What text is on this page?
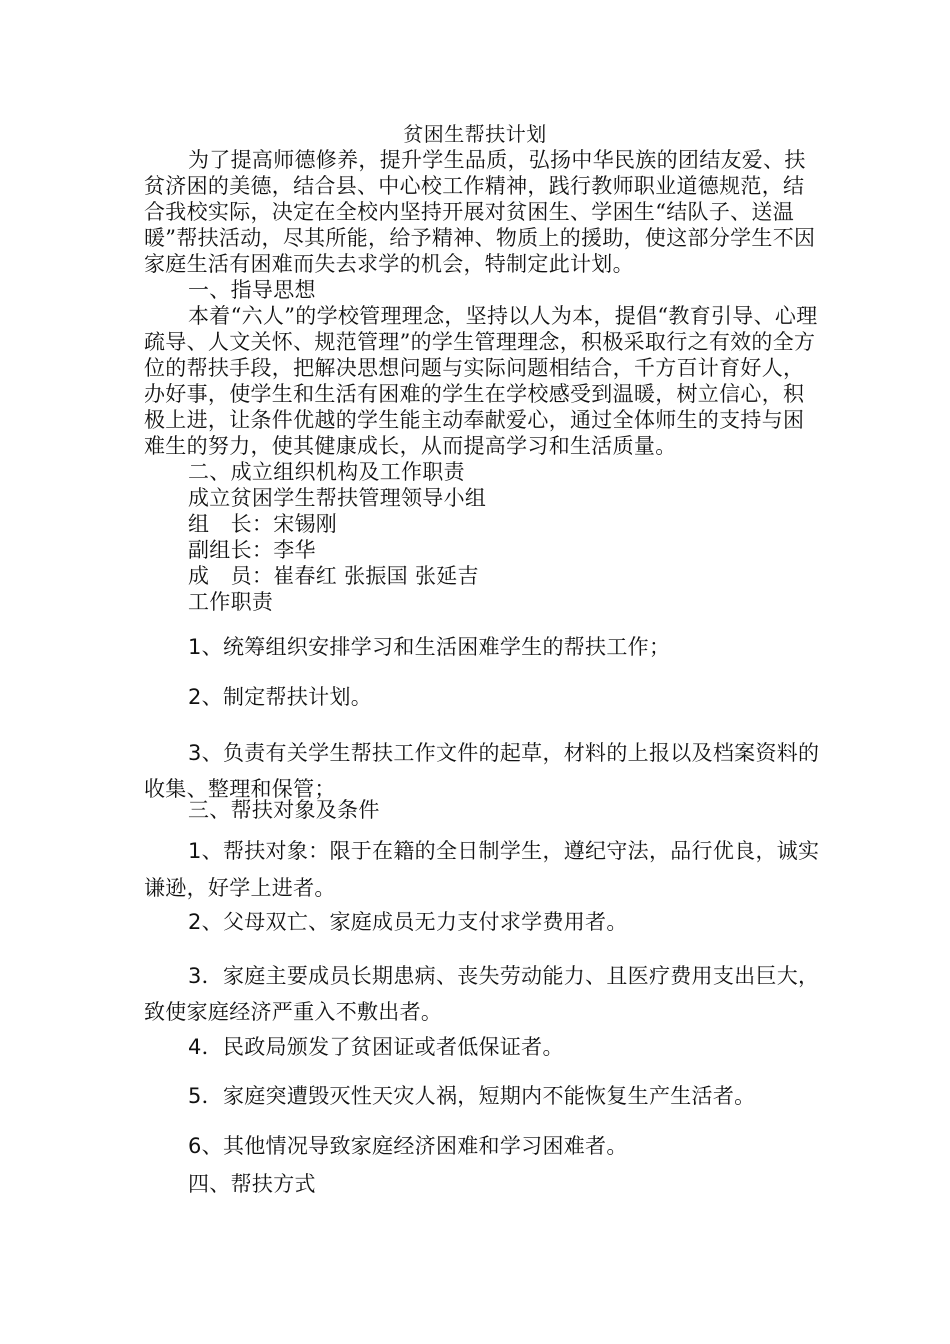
贫困生帮扶计划

为了提高师德修养，提升学生品质，弘扬中华民族的团结友爱、扶贫济困的美德，结合县、中心校工作精神，践行教师职业道德规范，结合我校实际，决定在全校内坚持开展对贫困生、学困生“结队子、送温暖”帮扶活动，尽其所能，给予精神、物质上的援助，使这部分学生不因家庭生活有困难而失去求学的机会，特制定此计划。

一、指导思想

本着“六人”的学校管理理念，坚持以人为本，提倡“教育引导、心理疏导、人文关怀、规范管理”的学生管理理念，积极采取行之有效的全方位的帮扶手段，把解决思想问题与实际问题相结合，千方百计育好人，办好事，使学生和生活有困难的学生在学校感受到温暖，树立信心，积极上进，让条件优越的学生能主动奉献爱心，通过全体师生的支持与困难生的努力，使其健康成长，从而提高学习和生活质量。

二、成立组织机构及工作职责

成立贫困学生帮扶管理领导小组

组　长：宋锡刚

副组长：李华

成　员：崔春红 张振国 张延吉

工作职责

1、统筹组织安排学习和生活困难学生的帮扶工作；

2、制定帮扶计划。

3、负责有关学生帮扶工作文件的起草，材料的上报以及档案资料的收集、整理和保管；

三、帮扶对象及条件

1、帮扶对象：限于在籍的全日制学生，遵纪守法，品行优良，诚实谦逊，好学上进者。

2、父母双亡、家庭成员无力支付求学费用者。

3．家庭主要成员长期患病、丧失劳动能力、且医疗费用支出巨大，致使家庭经济严重入不敷出者。

4．民政局颁发了贫困证或者低保证者。

5．家庭突遭毁灭性天灾人祸，短期内不能恢复生产生活者。

6、其他情况导致家庭经济困难和学习困难者。

四、帮扶方式
